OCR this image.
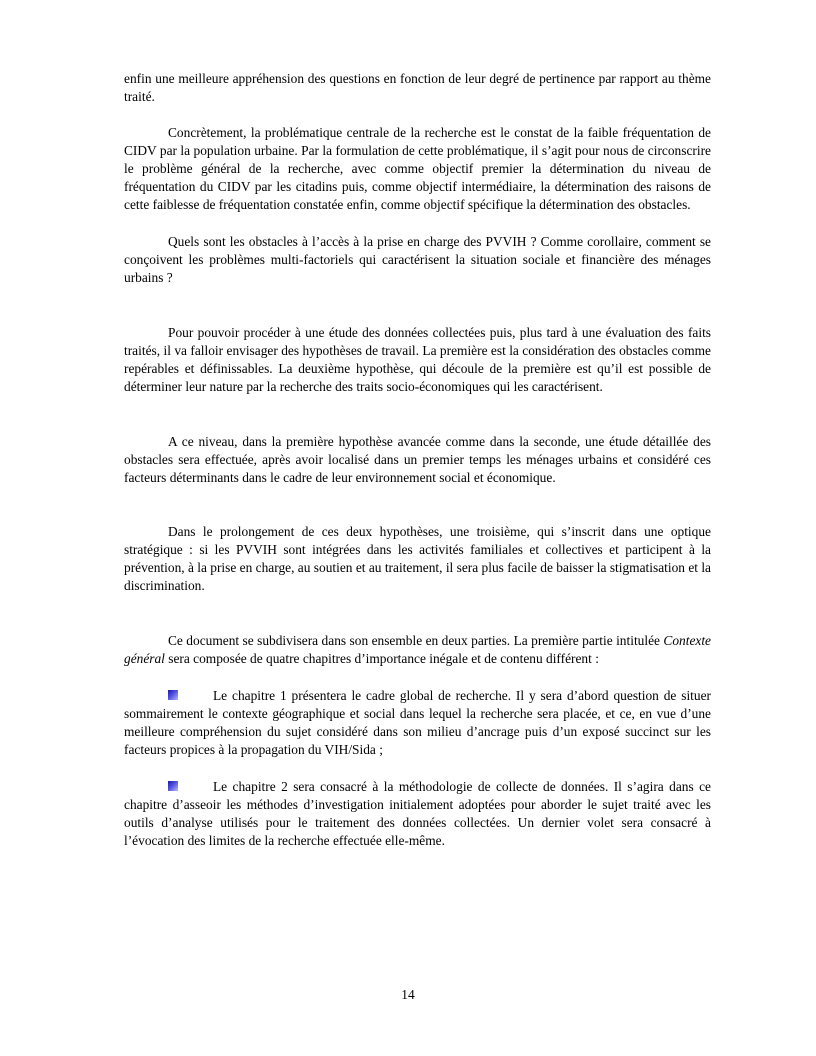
enfin une meilleure appréhension des questions en fonction de leur degré de pertinence par rapport au thème traité.

Concrètement, la problématique centrale de la recherche est le constat de la faible fréquentation de CIDV par la population urbaine. Par la formulation de cette problématique, il s’agit pour nous de circonscrire le problème général de la recherche, avec comme objectif premier la détermination du niveau de fréquentation du CIDV par les citadins puis, comme objectif intermédiaire, la détermination des raisons de cette faiblesse de fréquentation constatée enfin, comme objectif spécifique la détermination des obstacles.

Quels sont les obstacles à l’accès à la prise en charge des PVVIH ? Comme corollaire, comment se conçoivent les problèmes multi-factoriels qui caractérisent la situation sociale et financière des ménages urbains ?

Pour pouvoir procéder à une étude des données collectées puis, plus tard à une évaluation des faits traités, il va falloir envisager des hypothèses de travail. La première est la considération des obstacles comme repérables et définissables. La deuxième hypothèse, qui découle de la première est qu’il est possible de déterminer leur nature par la recherche des traits socio-économiques qui les caractérisent.

A ce niveau, dans la première hypothèse avancée comme dans la seconde, une étude détaillée des obstacles sera effectuée, après avoir localisé dans un premier temps les ménages urbains et considéré ces facteurs déterminants dans le cadre de leur environnement social et économique.

Dans le prolongement de ces deux hypothèses, une troisième, qui s’inscrit dans une optique stratégique : si les PVVIH sont intégrées dans les activités familiales et collectives et participent à la prévention, à la prise en charge, au soutien et au traitement, il sera plus facile de baisser la stigmatisation et la discrimination.

Ce document se subdivisera dans son ensemble en deux parties. La première partie intitulée Contexte général sera composée de quatre chapitres d’importance inégale et de contenu différent :

Le chapitre 1 présentera le cadre global de recherche. Il y sera d’abord question de situer sommairement le contexte géographique et social dans lequel la recherche sera placée, et ce, en vue d’une meilleure compréhension du sujet considéré dans son milieu d’ancrage puis d’un exposé succinct sur les facteurs propices à la propagation du VIH/Sida ;

Le chapitre 2 sera consacré à la méthodologie de collecte de données. Il s’agira dans ce chapitre d’asseoir les méthodes d’investigation initialement adoptées pour aborder le sujet traité avec les outils d’analyse utilisés pour le traitement des données collectées. Un dernier volet sera consacré à l’évocation des limites de la recherche effectuée elle-même.

14
